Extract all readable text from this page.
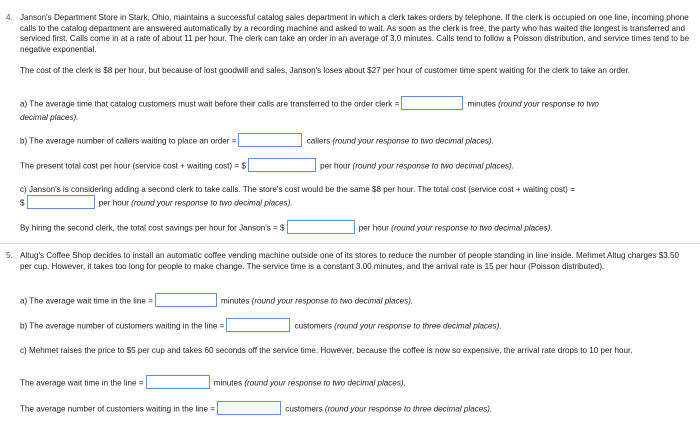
4. Janson's Department Store in Stark, Ohio, maintains a successful catalog sales department in which a clerk takes orders by telephone. If the clerk is occupied on one line, incoming phone calls to the catalog department are answered automatically by a recording machine and asked to wait. As soon as the clerk is free, the party who has waited the longest is transferred and serviced first. Calls come in at a rate of about 11 per hour. The clerk can take an order in an average of 3.0 minutes. Calls tend to follow a Poisson distribution, and service times tend to be negative exponential.
The cost of the clerk is $8 per hour, but because of lost goodwill and sales, Janson's loses about $27 per hour of customer time spent waiting for the clerk to take an order.
a) The average time that catalog customers must wait before their calls are transferred to the order clerk =	minutes (round your response to two
decimal places).
b) The average number of callers waiting to place an order =	callers (round your response to two decimal places).
The present total cost per hour (service cost + waiting cost) = $	per hour (round your response to two decimal places).
c) Janson's is considering adding a second clerk to take calls. The store's cost would be the same $8 per hour. The total cost (service cost + waiting cost) =
$	per hour (round your response to two decimal places).
By hiring the second clerk, the total cost savings per hour for Janson's = $	per hour (round your response to two decimal places).
5. Altug's Coffee Shop decides to install an automatic coffee vending machine outside one of its stores to reduce the number of people standing in line inside. Mehmet Altug charges $3.50 per cup. However, it takes too long for people to make change. The service time is a constant 3.00 minutes, and the arrival rate is 15 per hour (Poisson distributed).
a) The average wait time in the line =	minutes (round your response to two decimal places).
b) The average number of customers waiting in the line =	customers (round your response to three decimal places).
c) Mehmet raises the price to $5 per cup and takes 60 seconds off the service time. However, because the coffee is now so expensive, the arrival rate drops to 10 per hour.
The average wait time in the line =	minutes (round your response to two decimal places).
The average number of customers waiting in the line =	customers (round your response to three decimal places).
